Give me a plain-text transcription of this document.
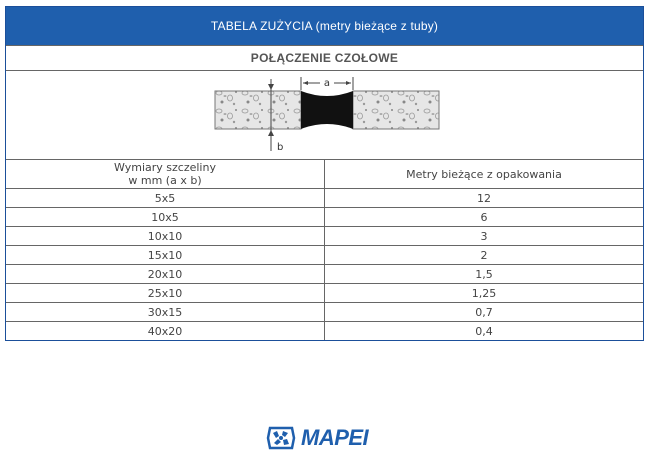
TABELA ZUŻYCIA (metry bieżące z tuby)
POŁĄCZENIE CZOŁOWE
a
b
Wymiary szczeliny
w mm (a x b)	Metry bieżące z opakowania
5x5	12
10x5	6
10x10	3
15x10	2
20x10	1,5
25x10	1,25
30x15	0,7
40x20	0,4
MAPEI
